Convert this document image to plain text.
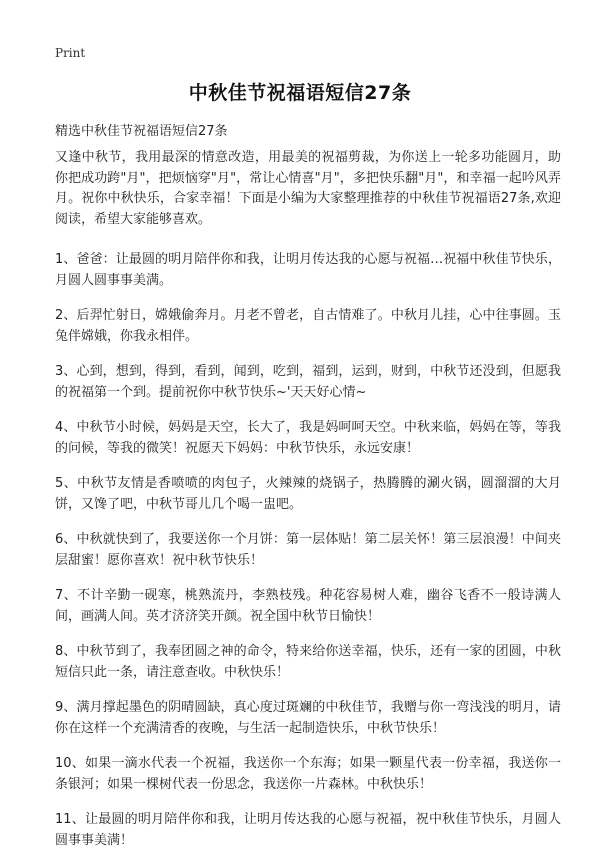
Print
中秋佳节祝福语短信27条
精选中秋佳节祝福语短信27条

又逢中秋节，我用最深的情意改造，用最美的祝福剪裁，为你送上一轮多功能圆月，助你把成功跨"月"，把烦恼穿"月"，常让心情喜"月"，多把快乐翻"月"，和幸福一起吟风弄月。祝你中秋快乐，合家幸福！下面是小编为大家整理推荐的中秋佳节祝福语27条,欢迎阅读，希望大家能够喜欢。

1、爸爸：让最圆的明月陪伴你和我，让明月传达我的心愿与祝福…祝福中秋佳节快乐，月圆人圆事事美满。

2、后羿忙射日，嫦娥偷奔月。月老不曾老，自古情难了。中秋月儿挂，心中往事圆。玉兔伴嫦娥，你我永相伴。

3、心到，想到，得到，看到，闻到，吃到，福到，运到，财到，中秋节还没到，但愿我的祝福第一个到。提前祝你中秋节快乐~'天天好心情~

4、中秋节小时候，妈妈是天空，长大了，我是妈呵呵天空。中秋来临，妈妈在等，等我的问候，等我的微笑！祝愿天下妈妈：中秋节快乐，永远安康！

5、中秋节友情是香喷喷的肉包子，火辣辣的烧锅子，热腾腾的涮火锅，圆溜溜的大月饼，又馋了吧，中秋节哥儿几个喝一盅吧。

6、中秋就快到了，我要送你一个月饼：第一层体贴！第二层关怀！第三层浪漫！中间夹层甜蜜！愿你喜欢！祝中秋节快乐！

7、不计辛勤一砚寒，桃熟流丹，李熟枝残。种花容易树人难，幽谷飞香不一般诗满人间，画满人间。英才济济笑开颜。祝全国中秋节日愉快！

8、中秋节到了，我奉团圆之神的命令，特来给你送幸福，快乐，还有一家的团圆，中秋短信只此一条，请注意查收。中秋快乐！

9、满月撑起墨色的阴晴圆缺，真心度过斑斓的中秋佳节，我赠与你一弯浅浅的明月，请你在这样一个充满清香的夜晚，与生活一起制造快乐，中秋节快乐！

10、如果一滴水代表一个祝福，我送你一个东海；如果一颗星代表一份幸福，我送你一条银河；如果一棵树代表一份思念，我送你一片森林。中秋快乐！

11、让最圆的明月陪伴你和我，让明月传达我的心愿与祝福，祝中秋佳节快乐，月圆人圆事事美满！
